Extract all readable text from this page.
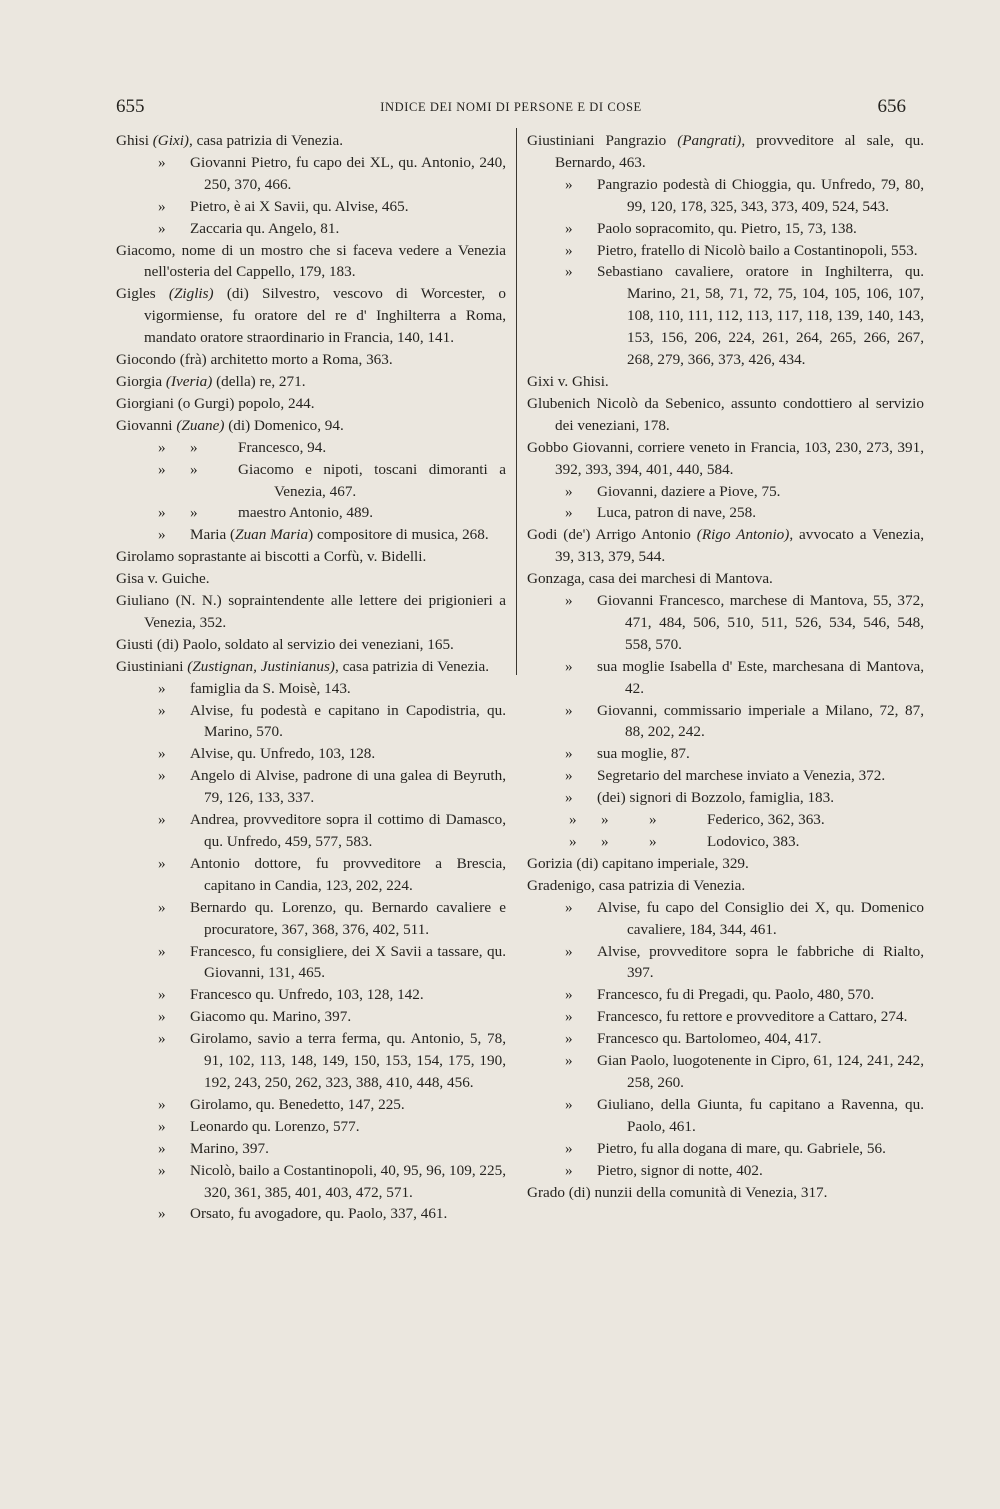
655	INDICE DEI NOMI DI PERSONE E DI COSE	656

Ghisi (Gixi), casa patrizia di Venezia.

» Giovanni Pietro, fu capo dei XL, qu. Antonio, 240, 250, 370, 466.

» Pietro, è ai X Savii, qu. Alvise, 465.

» Zaccaria qu. Angelo, 81.

Giacomo, nome di un mostro che si faceva vedere a Venezia nell'osteria del Cappello, 179, 183.

Gigles (Ziglis) (di) Silvestro, vescovo di Worcester, o vigormiense, fu oratore del re d' Inghilterra a Roma, mandato oratore straordinario in Francia, 140, 141.

Giocondo (frà) architetto morto a Roma, 363.

Giorgia (Iveria) (della) re, 271.

Giorgiani (o Gurgi) popolo, 244.

Giovanni (Zuane) (di) Domenico, 94.

» »	Francesco, 94.

» »	Giacomo e nipoti, toscani dimoranti a Venezia, 467.

» »	maestro Antonio, 489.

» Maria (Zuan Maria) compositore di musica, 268.

Girolamo soprastante ai biscotti a Corfù, v. Bidelli.

Gisa v. Guiche.

Giuliano (N. N.) sopraintendente alle lettere dei prigionieri a Venezia, 352.

Giusti (di) Paolo, soldato al servizio dei veneziani, 165.

Giustiniani (Zustignan, Justinianus), casa patrizia di Venezia.

» famiglia da S. Moisè, 143.

» Alvise, fu podestà e capitano in Capodistria, qu. Marino, 570.

» Alvise, qu. Unfredo, 103, 128.

» Angelo di Alvise, padrone di una galea di Beyruth, 79, 126, 133, 337.

» Andrea, provveditore sopra il cottimo di Damasco, qu. Unfredo, 459, 577, 583.

» Antonio dottore, fu provveditore a Brescia, capitano in Candia, 123, 202, 224.

» Bernardo qu. Lorenzo, qu. Bernardo cavaliere e procuratore, 367, 368, 376, 402, 511.

» Francesco, fu consigliere, dei X Savii a tassare, qu. Giovanni, 131, 465.

» Francesco qu. Unfredo, 103, 128, 142.

» Giacomo qu. Marino, 397.

» Girolamo, savio a terra ferma, qu. Antonio, 5, 78, 91, 102, 113, 148, 149, 150, 153, 154, 175, 190, 192, 243, 250, 262, 323, 388, 410, 448, 456.

» Girolamo, qu. Benedetto, 147, 225.

» Leonardo qu. Lorenzo, 577.

» Marino, 397.

» Nicolò, bailo a Costantinopoli, 40, 95, 96, 109, 225, 320, 361, 385, 401, 403, 472, 571.

» Orsato, fu avogadore, qu. Paolo, 337, 461.

Giustiniani Pangrazio (Pangrati), provveditore al sale, qu. Bernardo, 463.

» Pangrazio podestà di Chioggia, qu. Unfredo, 79, 80, 99, 120, 178, 325, 343, 373, 409, 524, 543.

» Paolo sopracomito, qu. Pietro, 15, 73, 138.

» Pietro, fratello di Nicolò bailo a Costantinopoli, 553.

» Sebastiano cavaliere, oratore in Inghilterra, qu. Marino, 21, 58, 71, 72, 75, 104, 105, 106, 107, 108, 110, 111, 112, 113, 117, 118, 139, 140, 143, 153, 156, 206, 224, 261, 264, 265, 266, 267, 268, 279, 366, 373, 426, 434.

Gixi v. Ghisi.

Glubenich Nicolò da Sebenico, assunto condottiero al servizio dei veneziani, 178.

Gobbo Giovanni, corriere veneto in Francia, 103, 230, 273, 391, 392, 393, 394, 401, 440, 584.

» Giovanni, daziere a Piove, 75.

» Luca, patron di nave, 258.

Godi (de') Arrigo Antonio (Rigo Antonio), avvocato a Venezia, 39, 313, 379, 544.

Gonzaga, casa dei marchesi di Mantova.

» Giovanni Francesco, marchese di Mantova, 55, 372, 471, 484, 506, 510, 511, 526, 534, 546, 548, 558, 570.

» sua moglie Isabella d' Este, marchesana di Mantova, 42.

» Giovanni, commissario imperiale a Milano, 72, 87, 88, 202, 242.

» sua moglie, 87.

» Segretario del marchese inviato a Venezia, 372.

» (dei) signori di Bozzolo, famiglia, 183.

» »	»	Federico, 362, 363.

» »	»	Lodovico, 383.

Gorizia (di) capitano imperiale, 329.

Gradenigo, casa patrizia di Venezia.

» Alvise, fu capo del Consiglio dei X, qu. Domenico cavaliere, 184, 344, 461.

» Alvise, provveditore sopra le fabbriche di Rialto, 397.

» Francesco, fu di Pregadi, qu. Paolo, 480, 570.

» Francesco, fu rettore e provveditore a Cattaro, 274.

» Francesco qu. Bartolomeo, 404, 417.

» Gian Paolo, luogotenente in Cipro, 61, 124, 241, 242, 258, 260.

» Giuliano, della Giunta, fu capitano a Ravenna, qu. Paolo, 461.

» Pietro, fu alla dogana di mare, qu. Gabriele, 56.

» Pietro, signor di notte, 402.

Grado (di) nunzii della comunità di Venezia, 317.
